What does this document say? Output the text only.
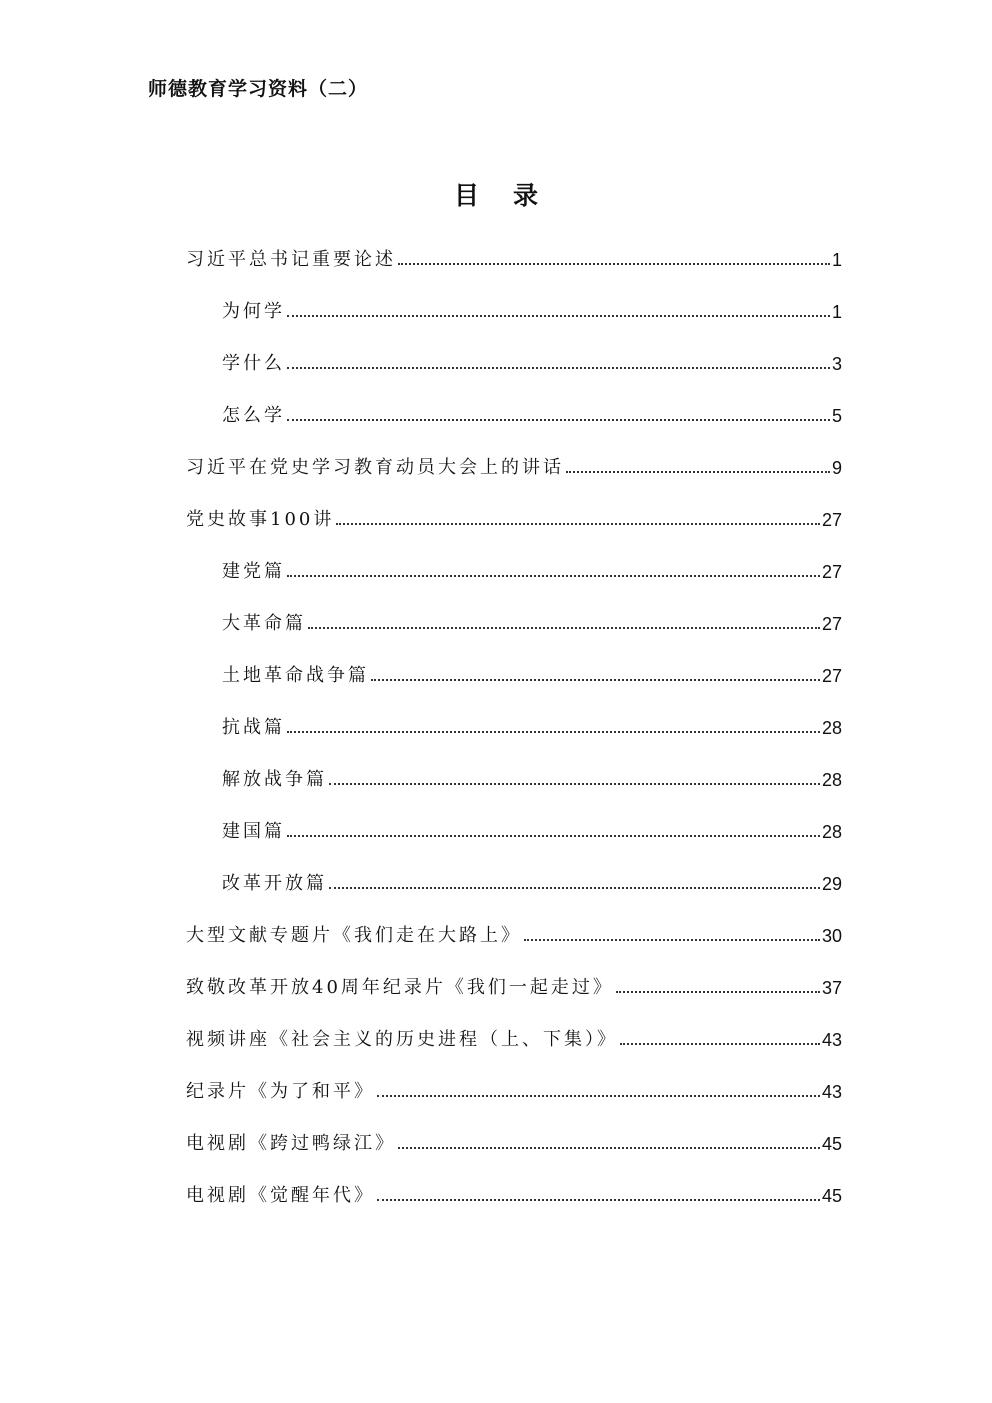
师德教育学习资料（二）
目 录
习近平总书记重要论述	1
为何学	1
学什么	3
怎么学	5
习近平在党史学习教育动员大会上的讲话	9
党史故事100讲	27
建党篇	27
大革命篇	27
土地革命战争篇	27
抗战篇	28
解放战争篇	28
建国篇	28
改革开放篇	29
大型文献专题片《我们走在大路上》	30
致敬改革开放40周年纪录片《我们一起走过》	37
视频讲座《社会主义的历史进程（上、下集）》	43
纪录片《为了和平》	43
电视剧《跨过鸭绿江》	45
电视剧《觉醒年代》	45
